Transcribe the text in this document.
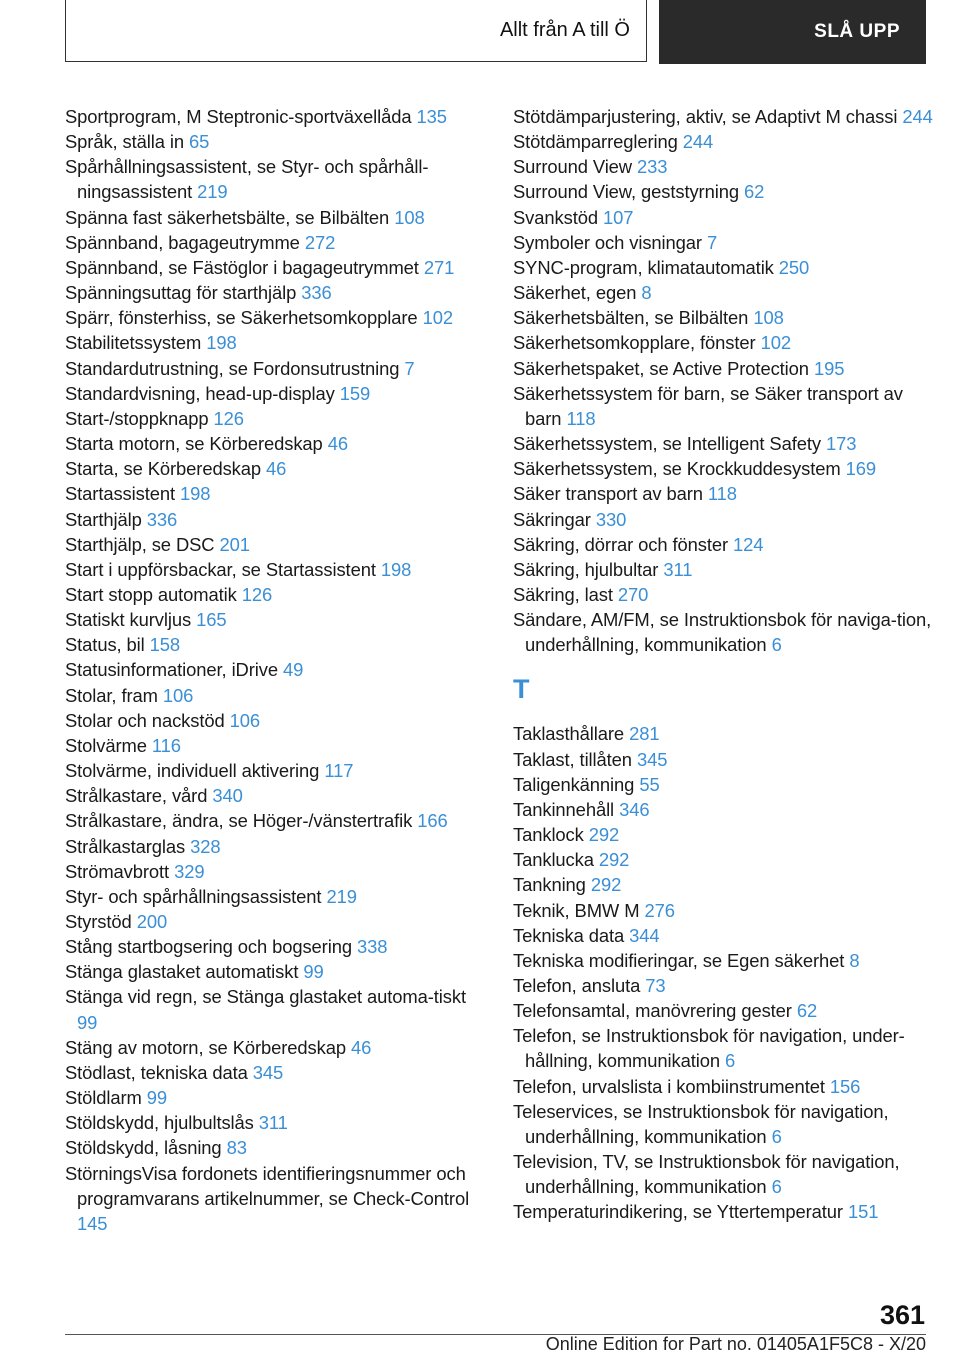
Allt från A till Ö	SLÅ UPP
Sportprogram, M Steptronic-sportväxellåda 135
Språk, ställa in 65
Spårhållningsassistent, se Styr- och spårhåll-ningsassistent 219
Spänna fast säkerhetsbälte, se Bilbälten 108
Spännband, bagageutrymme 272
Spännband, se Fästöglor i bagageutrymmet 271
Spänningsuttag för starthjälp 336
Spärr, fönsterhiss, se Säkerhetsomkopplare 102
Stabilitetssystem 198
Standardutrustning, se Fordonsutrustning 7
Standardvisning, head-up-display 159
Start-/stoppknapp 126
Starta motorn, se Körberedskap 46
Starta, se Körberedskap 46
Startassistent 198
Starthjälp 336
Starthjälp, se DSC 201
Start i uppförsbackar, se Startassistent 198
Start stopp automatik 126
Statiskt kurvljus 165
Status, bil 158
Statusinformationer, iDrive 49
Stolar, fram 106
Stolar och nackstöd 106
Stolvärme 116
Stolvärme, individuell aktivering 117
Strålkastare, vård 340
Strålkastare, ändra, se Höger-/vänstertrafik 166
Strålkastarglas 328
Strömavbrott 329
Styr- och spårhållningsassistent 219
Styrstöd 200
Stång startbogsering och bogsering 338
Stänga glastaket automatiskt 99
Stänga vid regn, se Stänga glastaket automa-tiskt 99
Stäng av motorn, se Körberedskap 46
Stödlast, tekniska data 345
Stöldlarm 99
Stöldskydd, hjulbultslås 311
Stöldskydd, låsning 83
StörningsVisa fordonets identifieringsnummer och programvarans artikelnummer, se Check-Control 145
Stötdämparjustering, aktiv, se Adaptivt M chassi 244
Stötdämparreglering 244
Surround View 233
Surround View, geststyrning 62
Svankstöd 107
Symboler och visningar 7
SYNC-program, klimatautomatik 250
Säkerhet, egen 8
Säkerhetsbälten, se Bilbälten 108
Säkerhetsomkopplare, fönster 102
Säkerhetspaket, se Active Protection 195
Säkerhetssystem för barn, se Säker transport av barn 118
Säkerhetssystem, se Intelligent Safety 173
Säkerhetssystem, se Krockkuddesystem 169
Säker transport av barn 118
Säkringar 330
Säkring, dörrar och fönster 124
Säkring, hjulbultar 311
Säkring, last 270
Sändare, AM/FM, se Instruktionsbok för naviga-tion, underhållning, kommunikation 6
T
Taklasthållare 281
Taklast, tillåten 345
Taligenkänning 55
Tankinnehåll 346
Tanklock 292
Tanklucka 292
Tankning 292
Teknik, BMW M 276
Tekniska data 344
Tekniska modifieringar, se Egen säkerhet 8
Telefon, ansluta 73
Telefonsamtal, manövrering gester 62
Telefon, se Instruktionsbok för navigation, under-hållning, kommunikation 6
Telefon, urvalslista i kombiinstrumentet 156
Teleservices, se Instruktionsbok för navigation, underhållning, kommunikation 6
Television, TV, se Instruktionsbok för navigation, underhållning, kommunikation 6
Temperaturindikering, se Yttertemperatur 151
361
Online Edition for Part no. 01405A1F5C8 - X/20
